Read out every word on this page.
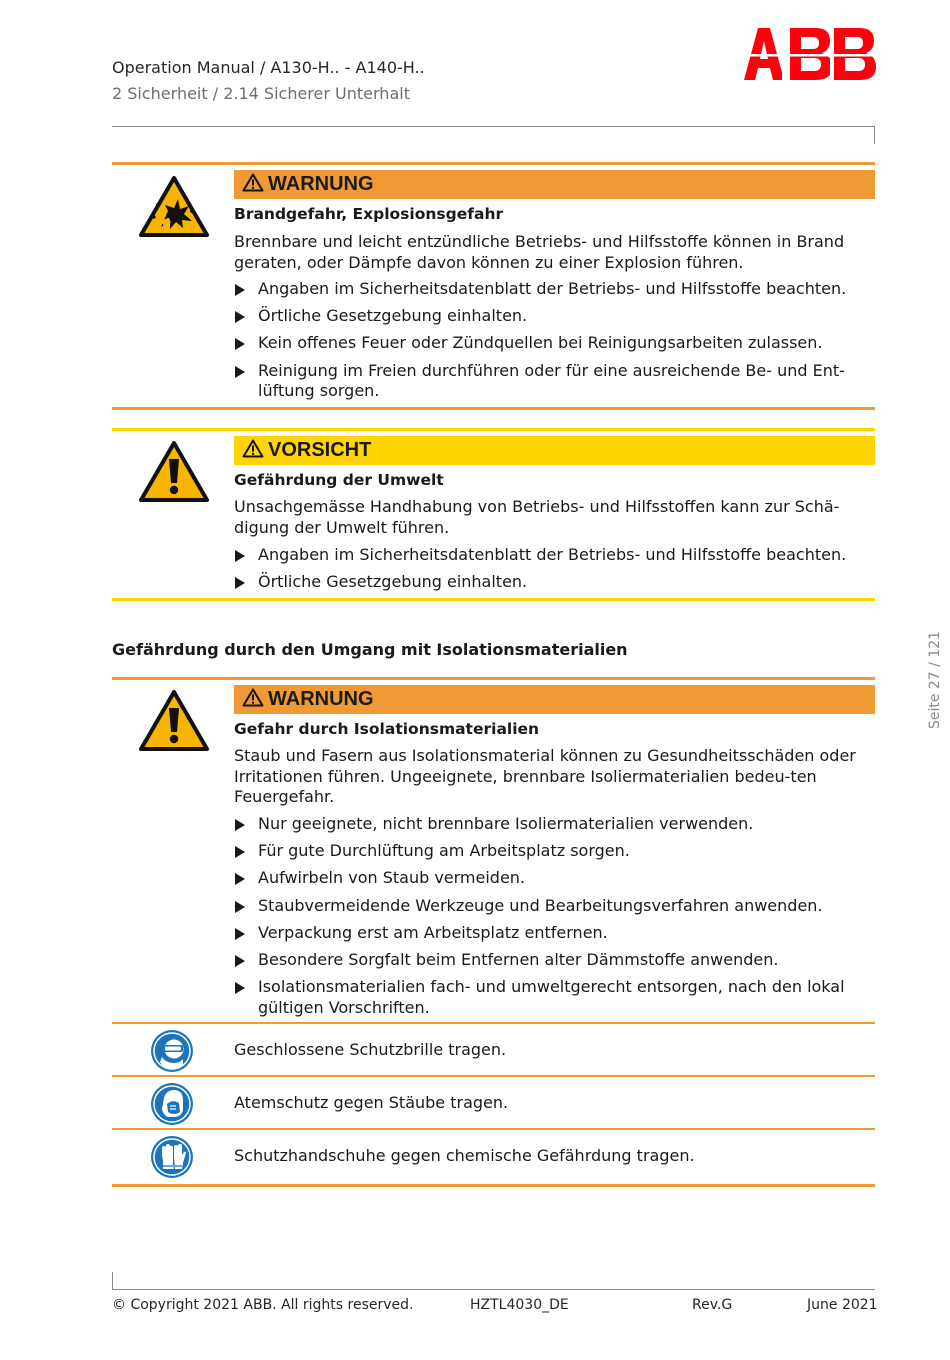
Operation Manual / A130-H.. - A140-H..
2 Sicherheit / 2.14 Sicherer Unterhalt
WARNUNG
Brandgefahr, Explosionsgefahr
Brennbare und leicht entzündliche Betriebs- und Hilfsstoffe können in Brand geraten, oder Dämpfe davon können zu einer Explosion führen.
Angaben im Sicherheitsdatenblatt der Betriebs- und Hilfsstoffe beachten.
Örtliche Gesetzgebung einhalten.
Kein offenes Feuer oder Zündquellen bei Reinigungsarbeiten zulassen.
Reinigung im Freien durchführen oder für eine ausreichende Be- und Ent-lüftung sorgen.
VORSICHT
Gefährdung der Umwelt
Unsachgemässe Handhabung von Betriebs- und Hilfsstoffen kann zur Schä-digung der Umwelt führen.
Angaben im Sicherheitsdatenblatt der Betriebs- und Hilfsstoffe beachten.
Örtliche Gesetzgebung einhalten.
Gefährdung durch den Umgang mit Isolationsmaterialien
WARNUNG
Gefahr durch Isolationsmaterialien
Staub und Fasern aus Isolationsmaterial können zu Gesundheitsschäden oder Irritationen führen. Ungeeignete, brennbare Isoliermaterialien bedeu-ten Feuergefahr.
Nur geeignete, nicht brennbare Isoliermaterialien verwenden.
Für gute Durchlüftung am Arbeitsplatz sorgen.
Aufwirbeln von Staub vermeiden.
Staubvermeidende Werkzeuge und Bearbeitungsverfahren anwenden.
Verpackung erst am Arbeitsplatz entfernen.
Besondere Sorgfalt beim Entfernen alter Dämmstoffe anwenden.
Isolationsmaterialien fach- und umweltgerecht entsorgen, nach den lokal gültigen Vorschriften.
Geschlossene Schutzbrille tragen.
Atemschutz gegen Stäube tragen.
Schutzhandschuhe gegen chemische Gefährdung tragen.
Seite 27 / 121
© Copyright 2021 ABB. All rights reserved.	HZTL4030_DE	Rev.G	June 2021
